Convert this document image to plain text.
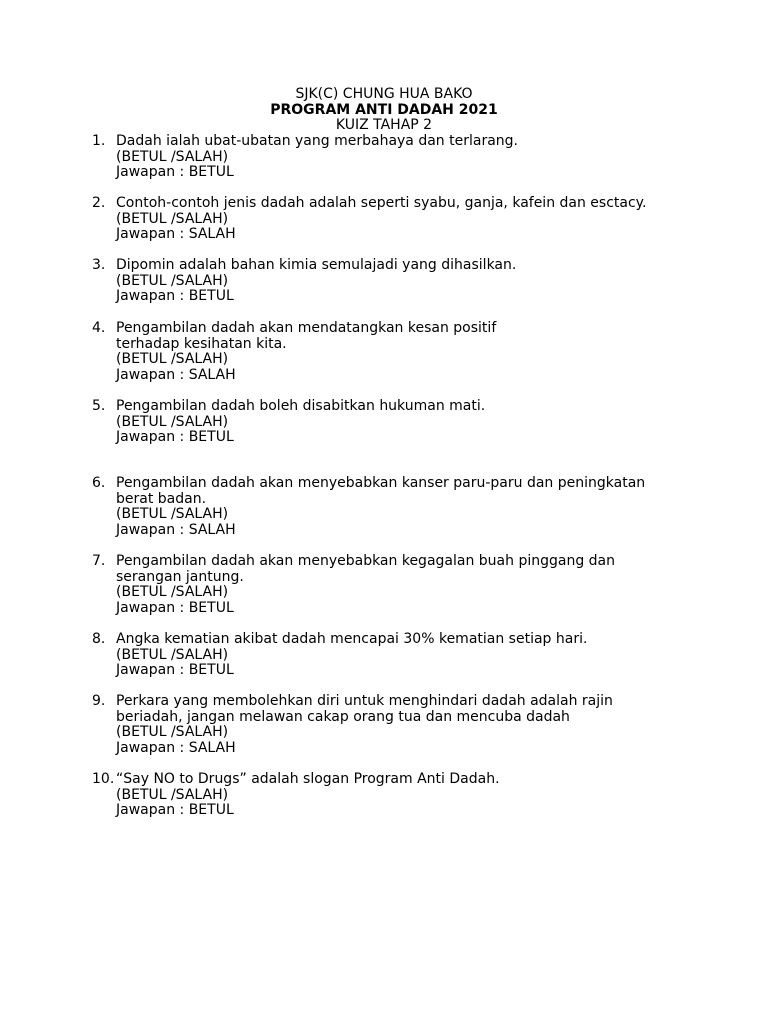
SJK(C) CHUNG HUA BAKO
PROGRAM ANTI DADAH 2021
KUIZ TAHAP 2
1. Dadah ialah ubat-ubatan yang merbahaya dan terlarang.
(BETUL /SALAH)
Jawapan : BETUL
2. Contoh-contoh jenis dadah adalah seperti syabu, ganja, kafein dan esctacy.
(BETUL /SALAH)
Jawapan : SALAH
3. Dipomin adalah bahan kimia semulajadi yang dihasilkan.
(BETUL /SALAH)
Jawapan : BETUL
4. Pengambilan dadah akan mendatangkan kesan positif
terhadap kesihatan kita.
(BETUL /SALAH)
Jawapan : SALAH
5. Pengambilan dadah boleh disabitkan hukuman mati.
(BETUL /SALAH)
Jawapan : BETUL
6. Pengambilan dadah akan menyebabkan kanser paru-paru dan peningkatan
berat badan.
(BETUL /SALAH)
Jawapan : SALAH
7. Pengambilan dadah akan menyebabkan kegagalan buah pinggang dan
serangan jantung.
(BETUL /SALAH)
Jawapan : BETUL
8. Angka kematian akibat dadah mencapai 30% kematian setiap hari.
(BETUL /SALAH)
Jawapan : BETUL
9. Perkara yang membolehkan diri untuk menghindari dadah adalah rajin
beriadah, jangan melawan cakap orang tua dan mencuba dadah
(BETUL /SALAH)
Jawapan : SALAH
10. “Say NO to Drugs” adalah slogan Program Anti Dadah.
(BETUL /SALAH)
Jawapan : BETUL
